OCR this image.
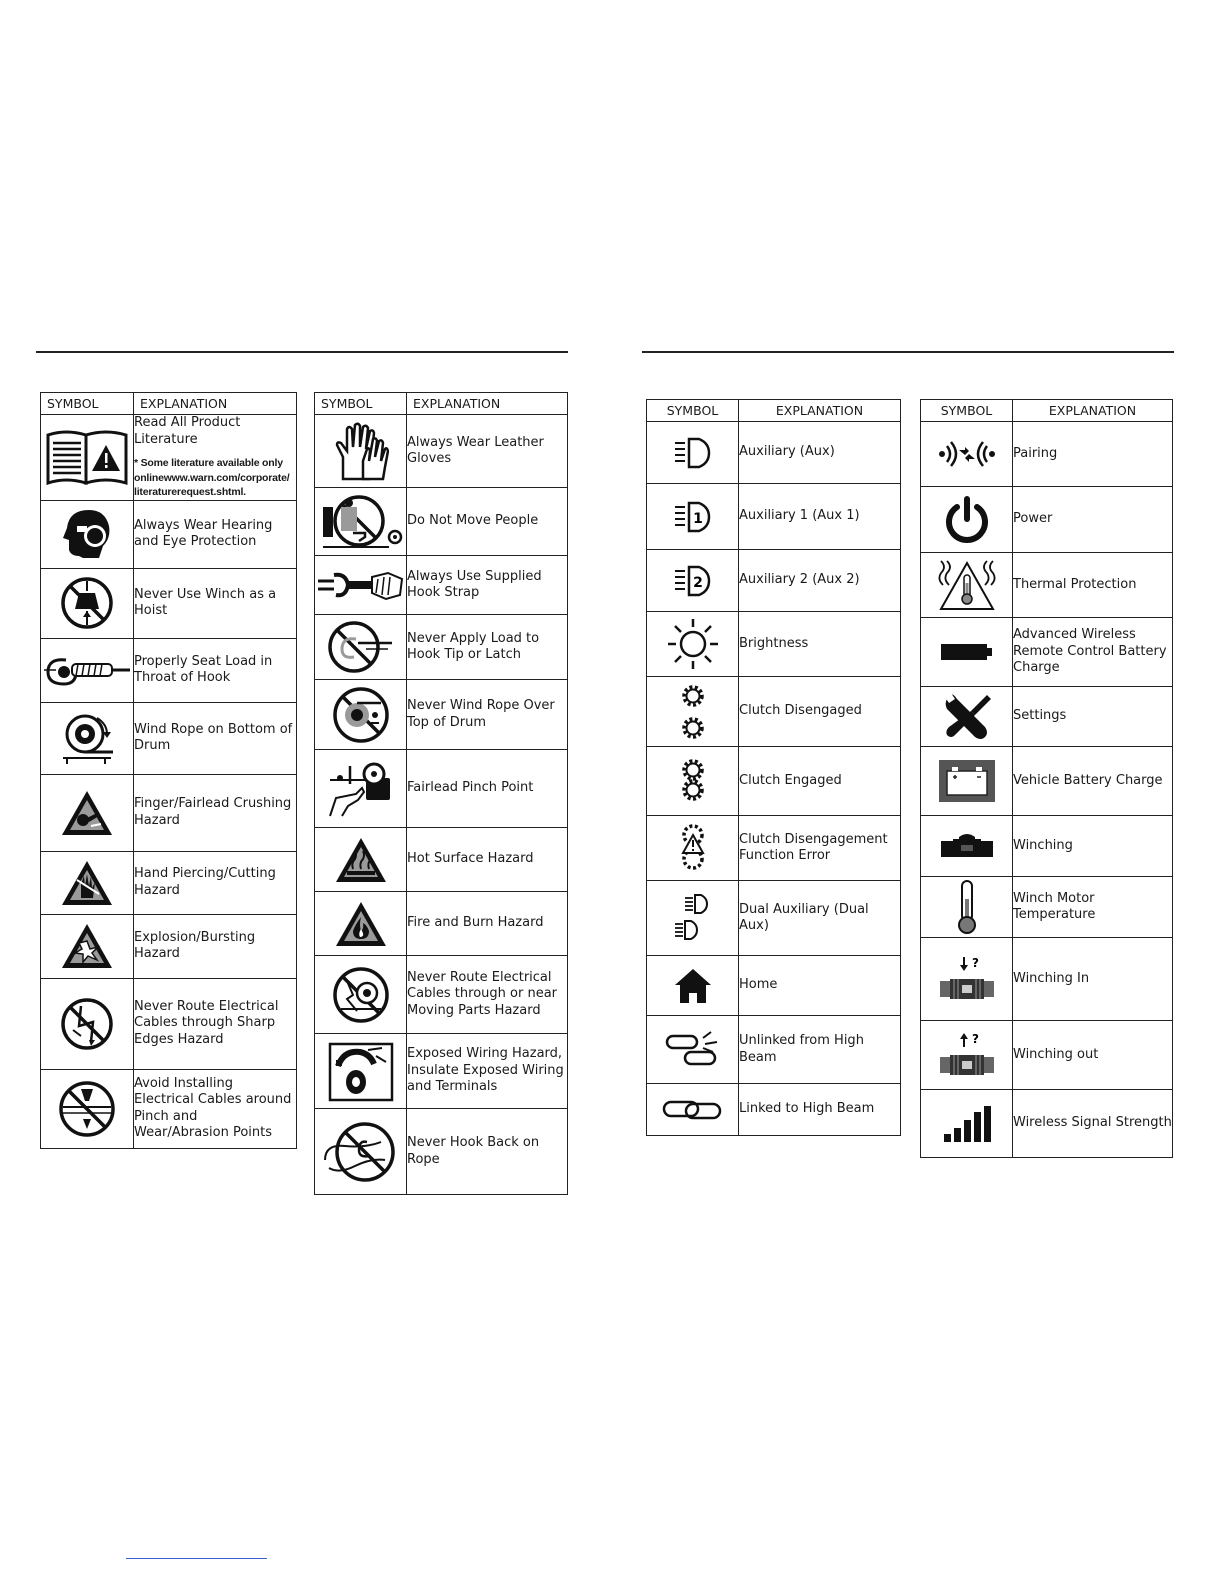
SYMBOL	EXPLANATION

	Read All Product Literature
* Some literature available only onlinewww.warn.com/corporate/ literaturerequest.shtml.

	Always Wear Hearing and Eye Protection

	Never Use Winch as a Hoist

	Properly Seat Load in Throat of Hook

	Wind Rope on Bottom of Drum

	Finger/Fairlead Crushing Hazard

	Hand Piercing/Cutting Hazard

	Explosion/Bursting Hazard

	Never Route Electrical Cables through Sharp Edges Hazard

	Avoid Installing Electrical Cables around Pinch and Wear/Abrasion Points
SYMBOL	EXPLANATION

	Always Wear Leather Gloves

	Do Not Move People

	Always Use Supplied Hook Strap

	Never Apply Load to Hook Tip or Latch

	Never Wind Rope Over Top of Drum

	Fairlead Pinch Point

	Hot Surface Hazard

	Fire and Burn Hazard

	Never Route Electrical Cables through or near Moving Parts Hazard

	Exposed Wiring Hazard, Insulate Exposed Wiring and Terminals

	Never Hook Back on Rope
SYMBOL	EXPLANATION

	Auxiliary (Aux)

1	Auxiliary 1 (Aux 1)

2	Auxiliary 2 (Aux 2)

	Brightness

	Clutch Disengaged

	Clutch Engaged

	Clutch Disengagement Function Error

	Dual Auxiliary (Dual Aux)

	Home

	Unlinked from High Beam

	Linked to High Beam
SYMBOL	EXPLANATION

	Pairing

	Power

	Thermal Protection

	Advanced Wireless Remote Control Battery Charge

	Settings

	Vehicle Battery Charge

	Winching

	Winch Motor Temperature

?	Winching In

?	Winching out

	Wireless Signal Strength
